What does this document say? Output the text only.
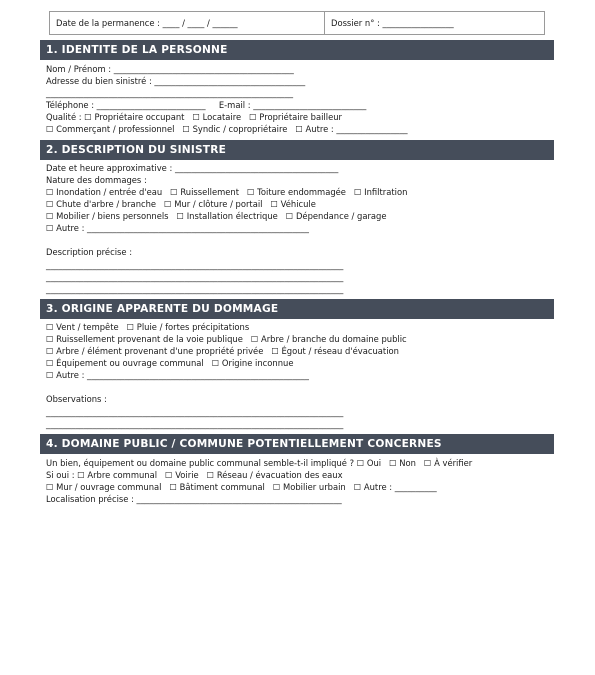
Date de la permanence : ____ / ____ / ______	Dossier n° : _________________
1. IDENTITE DE LA PERSONNE
Nom / Prénom : ___________________________________________
Adresse du bien sinistré : ____________________________________
___________________________________________________________
Téléphone : __________________________     E-mail : ___________________________
Qualité : ☐ Propriétaire occupant   ☐ Locataire   ☐ Propriétaire bailleur
☐ Commerçant / professionnel   ☐ Syndic / copropriétaire   ☐ Autre : _________________
2. DESCRIPTION DU SINISTRE
Date et heure approximative : _______________________________________
Nature des dommages :
☐ Inondation / entrée d'eau   ☐ Ruissellement   ☐ Toiture endommagée   ☐ Infiltration
☐ Chute d'arbre / branche   ☐ Mur / clôture / portail   ☐ Véhicule
☐ Mobilier / biens personnels   ☐ Installation électrique   ☐ Dépendance / garage
☐ Autre : _____________________________________________________
Description précise :
_______________________________________________________________________
_______________________________________________________________________
_______________________________________________________________________
3. ORIGINE APPARENTE DU DOMMAGE
☐ Vent / tempête   ☐ Pluie / fortes précipitations
☐ Ruissellement provenant de la voie publique   ☐ Arbre / branche du domaine public
☐ Arbre / élément provenant d'une propriété privée   ☐ Égout / réseau d'évacuation
☐ Équipement ou ouvrage communal   ☐ Origine inconnue
☐ Autre : _____________________________________________________
Observations :
_______________________________________________________________________
_______________________________________________________________________
4. DOMAINE PUBLIC / COMMUNE POTENTIELLEMENT CONCERNES
Un bien, équipement ou domaine public communal semble-t-il impliqué ? ☐ Oui   ☐ Non   ☐ À vérifier
Si oui : ☐ Arbre communal   ☐ Voirie   ☐ Réseau / évacuation des eaux
☐ Mur / ouvrage communal   ☐ Bâtiment communal   ☐ Mobilier urbain   ☐ Autre : __________
Localisation précise : _________________________________________________
